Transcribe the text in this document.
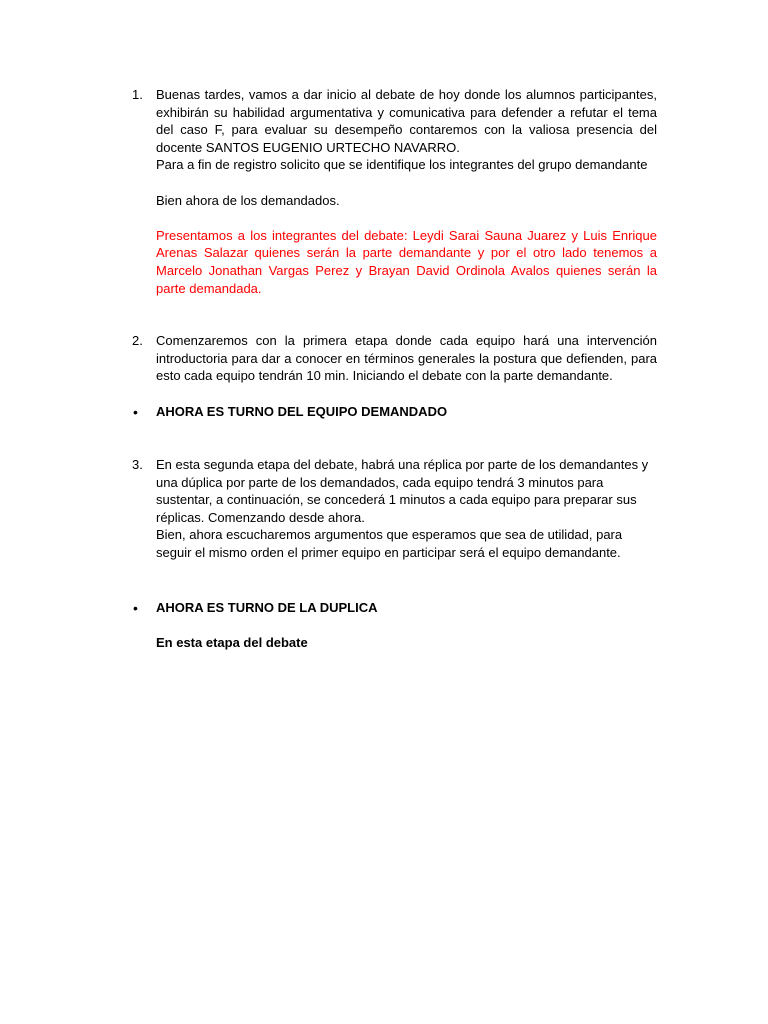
1. Buenas tardes, vamos a dar inicio al debate de hoy donde los alumnos participantes, exhibirán su habilidad argumentativa y comunicativa para defender a refutar el tema del caso F, para evaluar su desempeño contaremos con la valiosa presencia del docente SANTOS EUGENIO URTECHO NAVARRO.

Para a fin de registro solicito que se identifique los integrantes del grupo demandante

Bien ahora de los demandados.

Presentamos a los integrantes del debate: Leydi Sarai Sauna Juarez y Luis Enrique Arenas Salazar quienes serán la parte demandante y por el otro lado tenemos a Marcelo Jonathan Vargas Perez y Brayan David Ordinola Avalos quienes serán la parte demandada.

2. Comenzaremos con la primera etapa donde cada equipo hará una intervención introductoria para dar a conocer en términos generales la postura que defienden, para esto cada equipo tendrán 10 min. Iniciando el debate con la parte demandante.

• AHORA ES TURNO DEL EQUIPO DEMANDADO

3. En esta segunda etapa del debate, habrá una réplica por parte de los demandantes y una dúplica por parte de los demandados, cada equipo tendrá 3 minutos para sustentar, a continuación, se concederá 1 minutos a cada equipo para preparar sus réplicas. Comenzando desde ahora.

Bien, ahora escucharemos argumentos que esperamos que sea de utilidad, para seguir el mismo orden el primer equipo en participar será el equipo demandante.

• AHORA ES TURNO DE LA DUPLICA

En esta etapa del debate
